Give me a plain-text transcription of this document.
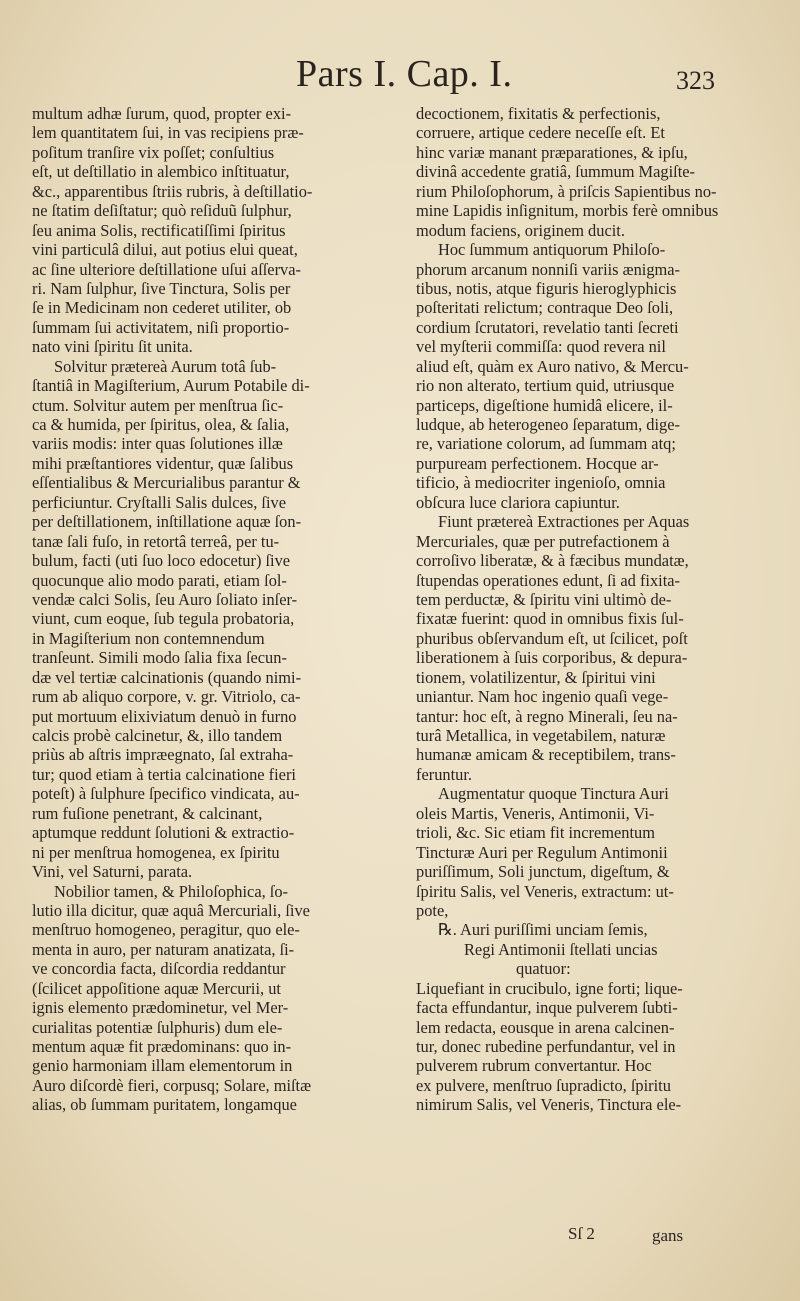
Pars I. Cap. I.	323
multum adhæ ſurum, quod, propter exi-
lem quantitatem ſui, in vas recipiens præ-
poſitum tranſire vix poſſet; conſultius
eſt, ut deſtillatio in alembico inſtituatur,
&c., apparentibus ſtriis rubris, à deſtillatio-
ne ſtatim deſiſtatur; quò reſiduũ ſulphur,
ſeu anima Solis, rectificatiſſimi ſpiritus
vini particulâ dilui, aut potius elui queat,
ac ſine ulteriore deſtillatione uſui aſſerva-
ri. Nam ſulphur, ſive Tinctura, Solis per
ſe in Medicinam non cederet utiliter, ob
ſummam ſui activitatem, niſi proportio-
nato vini ſpiritu ſit unita.
Solvitur prætereà Aurum totâ ſub-
ſtantiâ in Magiſterium, Aurum Potabile di-
ctum. Solvitur autem per menſtrua ſic-
ca & humida, per ſpiritus, olea, & ſalia,
variis modis: inter quas ſolutiones illæ
mihi præſtantiores videntur, quæ ſalibus
eſſentialibus & Mercurialibus parantur &
perficiuntur. Cryſtalli Salis dulces, ſive
per deſtillationem, inſtillatione aquæ ſon-
tanæ ſali fuſo, in retortâ terreâ, per tu-
bulum, facti (uti ſuo loco edocetur) ſive
quocunque alio modo parati, etiam ſol-
vendæ calci Solis, ſeu Auro ſoliato inſer-
viunt, cum eoque, ſub tegula probatoria,
in Magiſterium non contemnendum
tranſeunt. Simili modo ſalia fixa ſecun-
dæ vel tertiæ calcinationis (quando nimi-
rum ab aliquo corpore, v. gr. Vitriolo, ca-
put mortuum elixiviatum denuò in furno
calcis probè calcinetur, &, illo tandem
priùs ab aſtris impræegnato, ſal extraha-
tur; quod etiam à tertia calcinatione fieri
poteſt) à ſulphure ſpecifico vindicata, au-
rum fuſione penetrant, & calcinant,
aptumque reddunt ſolutioni & extractio-
ni per menſtrua homogenea, ex ſpiritu
Vini, vel Saturni, parata.
Nobilior tamen, & Philoſophica, ſo-
lutio illa dicitur, quæ aquâ Mercuriali, ſive
menſtruo homogeneo, peragitur, quo ele-
menta in auro, per naturam anatizata, ſi-
ve concordia facta, diſcordia reddantur
(ſcilicet appoſitione aquæ Mercurii, ut
ignis elemento prædominetur, vel Mer-
curialitas potentiæ ſulphuris) dum ele-
mentum aquæ fit prædominans: quo in-
genio harmoniam illam elementorum in
Auro diſcordè fieri, corpusq; Solare, miſtæ
alias, ob ſummam puritatem, longamque
decoctionem, fixitatis & perfectionis,
corruere, artique cedere neceſſe eſt. Et
hinc variæ manant præparationes, & ipſu,
divinâ accedente gratiâ, ſummum Magiſte-
rium Philoſophorum, à priſcis Sapientibus no-
mine Lapidis inſignitum, morbis ferè omnibus
modum faciens, originem ducit.
Hoc ſummum antiquorum Philoſo-
phorum arcanum nonniſi variis ænigma-
tibus, notis, atque figuris hieroglyphicis
poſteritati relictum; contraque Deo ſoli,
cordium ſcrutatori, revelatio tanti ſecreti
vel myſterii commiſſa: quod revera nil
aliud eſt, quàm ex Auro nativo, & Mercu-
rio non alterato, tertium quid, utriusque
particeps, digeſtione humidâ elicere, il-
ludque, ab heterogeneo ſeparatum, dige-
re, variatione colorum, ad ſummam atq;
purpuream perfectionem. Hocque ar-
tificio, à mediocriter ingenioſo, omnia
obſcura luce clariora capiuntur.
Fiunt prætereà Extractiones per Aquas
Mercuriales, quæ per putrefactionem à
corroſivo liberatæ, & à fæcibus mundatæ,
ſtupendas operationes edunt, ſi ad fixita-
tem perductæ, & ſpiritu vini ultimò de-
fixatæ fuerint: quod in omnibus fixis ſul-
phuribus obſervandum eſt, ut ſcilicet, poſt
liberationem à ſuis corporibus, & depura-
tionem, volatilizentur, & ſpiritui vini
uniantur. Nam hoc ingenio quaſi vege-
tantur: hoc eſt, à regno Minerali, ſeu na-
turâ Metallica, in vegetabilem, naturæ
humanæ amicam & receptibilem, trans-
feruntur.
Augmentatur quoque Tinctura Auri
oleis Martis, Veneris, Antimonii, Vi-
trioli, &c. Sic etiam fit incrementum
Tincturæ Auri per Regulum Antimonii
puriſſimum, Soli junctum, digeſtum, &
ſpiritu Salis, vel Veneris, extractum: ut-
pote,
℞. Auri puriſſimi unciam ſemis,
Regi Antimonii ſtellati uncias
quatuor:
Liquefiant in crucibulo, igne forti; lique-
facta effundantur, inque pulverem ſubti-
lem redacta, eousque in arena calcinen-
tur, donec rubedine perfundantur, vel in
pulverem rubrum convertantur. Hoc
ex pulvere, menſtruo ſupradicto, ſpiritu
nimirum Salis, vel Veneris, Tinctura ele-
Sſ 2	gans
